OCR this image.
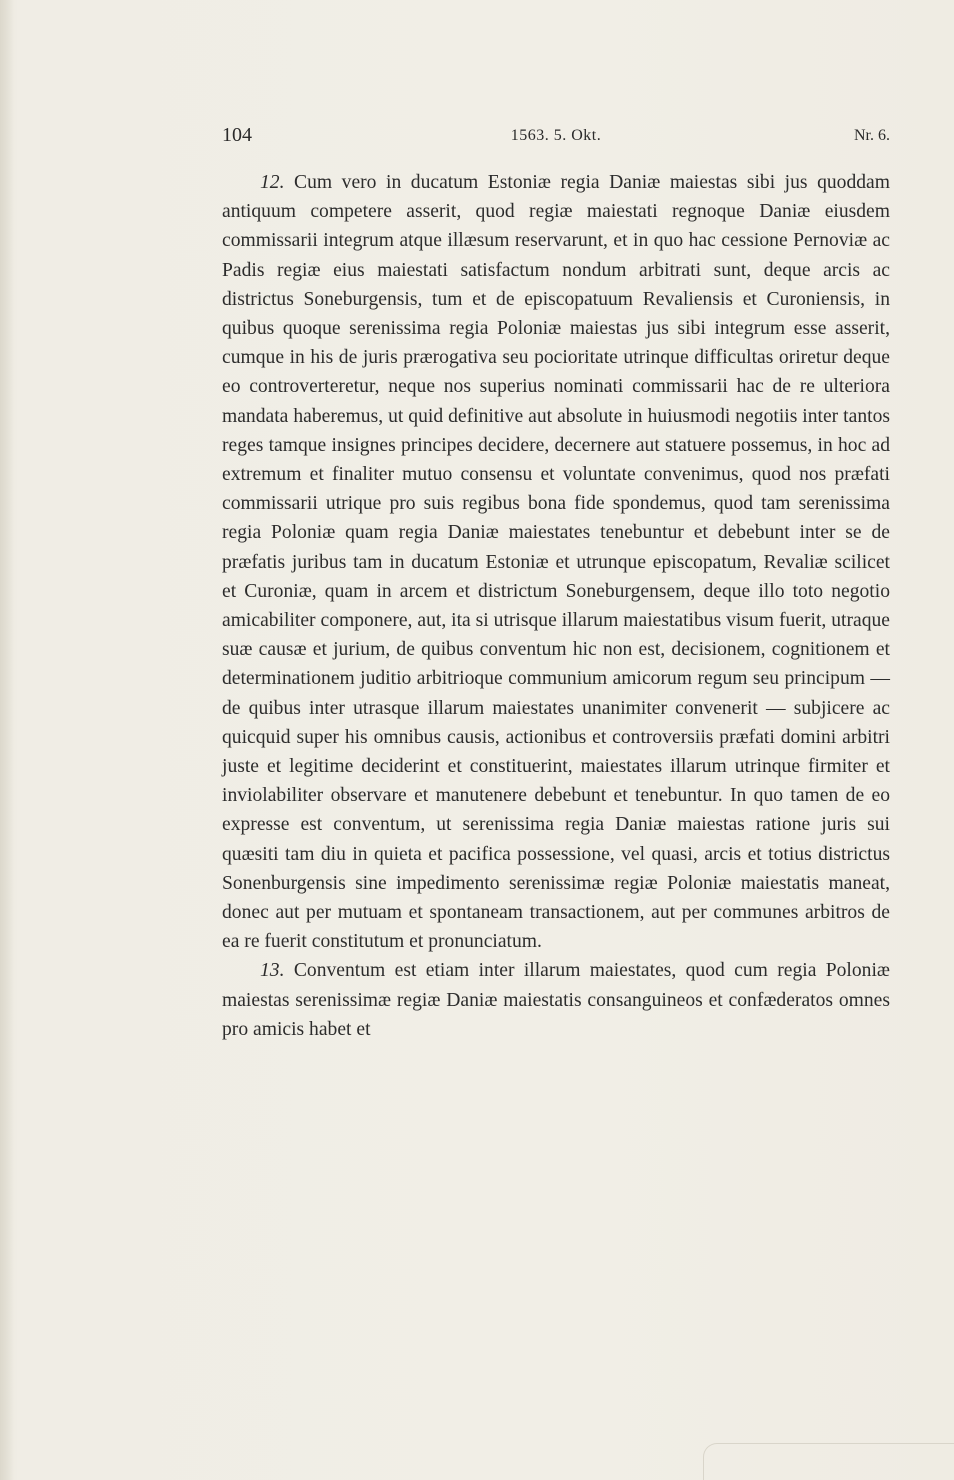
104	1563. 5. Okt.	Nr. 6.

12. Cum vero in ducatum Estoniæ regia Daniæ maiestas sibi jus quoddam antiquum competere asserit, quod regiæ maiestati regnoque Daniæ eiusdem commissarii integrum atque illæsum reservarunt, et in quo hac cessione Pernoviæ ac Padis regiæ eius maiestati satisfactum nondum arbitrati sunt, deque arcis ac districtus Soneburgensis, tum et de episcopatuum Revaliensis et Curoniensis, in quibus quoque serenissima regia Poloniæ maiestas jus sibi integrum esse asserit, cumque in his de juris prærogativa seu pocioritate utrinque difficultas oriretur deque eo controverteretur, neque nos superius nominati commissarii hac de re ulteriora mandata haberemus, ut quid definitive aut absolute in huiusmodi negotiis inter tantos reges tamque insignes principes decidere, decernere aut statuere possemus, in hoc ad extremum et finaliter mutuo consensu et voluntate convenimus, quod nos præfati commissarii utrique pro suis regibus bona fide spondemus, quod tam serenissima regia Poloniæ quam regia Daniæ maiestates tenebuntur et debebunt inter se de præfatis juribus tam in ducatum Estoniæ et utrunque episcopatum, Revaliæ scilicet et Curoniæ, quam in arcem et districtum Soneburgensem, deque illo toto negotio amicabiliter componere, aut, ita si utrisque illarum maiestatibus visum fuerit, utraque suæ causæ et jurium, de quibus conventum hic non est, decisionem, cognitionem et determinationem juditio arbitrioque communium amicorum regum seu principum — de quibus inter utrasque illarum maiestates unanimiter convenerit — subjicere ac quicquid super his omnibus causis, actionibus et controversiis præfati domini arbitri juste et legitime deciderint et constituerint, maiestates illarum utrinque firmiter et inviolabiliter observare et manutenere debebunt et tenebuntur. In quo tamen de eo expresse est conventum, ut serenissima regia Daniæ maiestas ratione juris sui quæsiti tam diu in quieta et pacifica possessione, vel quasi, arcis et totius districtus Sonenburgensis sine impedimento serenissimæ regiæ Poloniæ maiestatis maneat, donec aut per mutuam et spontaneam transactionem, aut per communes arbitros de ea re fuerit constitutum et pronunciatum.

13. Conventum est etiam inter illarum maiestates, quod cum regia Poloniæ maiestas serenissimæ regiæ Daniæ maiestatis consanguineos et confæderatos omnes pro amicis habet et
